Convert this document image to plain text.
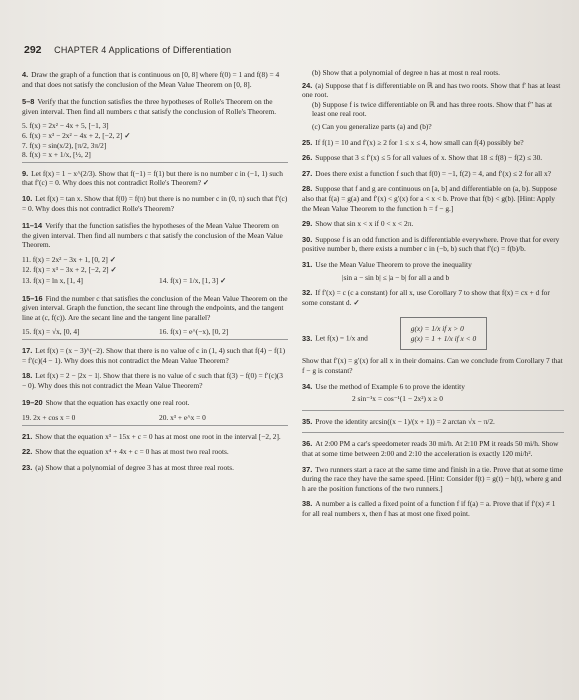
292 CHAPTER 4 Applications of Differentiation

4. Draw the graph of a function that is continuous on [0, 8] where f(0) = 1 and f(8) = 4 and that does not satisfy the conclusion of the Mean Value Theorem on [0, 8].

5–8 Verify that the function satisfies the three hypotheses of Rolle's Theorem on the given interval. Then find all numbers c that satisfy the conclusion of Rolle's Theorem.

5. f(x) = 2x² − 4x + 5, [−1, 3]
6. f(x) = x³ − 2x² − 4x + 2, [−2, 2] ✓
7. f(x) = sin(x/2), [π/2, 3π/2]
8. f(x) = x + 1/x, [½, 2]

9. Let f(x) = 1 − x^(2/3). Show that f(−1) = f(1) but there is no number c in (−1, 1) such that f′(c) = 0. Why does this not contradict Rolle's Theorem? ✓

10. Let f(x) = tan x. Show that f(0) = f(π) but there is no number c in (0, π) such that f′(c) = 0. Why does this not contradict Rolle's Theorem?

11–14 Verify that the function satisfies the hypotheses of the Mean Value Theorem on the given interval. Then find all numbers c that satisfy the conclusion of the Mean Value Theorem.

11. f(x) = 2x² − 3x + 1, [0, 2] ✓
12. f(x) = x³ − 3x + 2, [−2, 2] ✓
13. f(x) = ln x, [1, 4]	14. f(x) = 1/x, [1, 3] ✓

15–16 Find the number c that satisfies the conclusion of the Mean Value Theorem on the given interval. Graph the function, the secant line through the endpoints, and the tangent line at (c, f(c)). Are the secant line and the tangent line parallel?

15. f(x) = √x, [0, 4]	16. f(x) = e^(−x), [0, 2]

17. Let f(x) = (x − 3)^(−2). Show that there is no value of c in (1, 4) such that f(4) − f(1) = f′(c)(4 − 1). Why does this not contradict the Mean Value Theorem?

18. Let f(x) = 2 − |2x − 1|. Show that there is no value of c such that f(3) − f(0) = f′(c)(3 − 0). Why does this not contradict the Mean Value Theorem?

19–20 Show that the equation has exactly one real root.

19. 2x + cos x = 0	20. x³ + e^x = 0

21. Show that the equation x³ − 15x + c = 0 has at most one root in the interval [−2, 2].

22. Show that the equation x⁴ + 4x + c = 0 has at most two real roots.

23. (a) Show that a polynomial of degree 3 has at most three real roots.

(b) Show that a polynomial of degree n has at most n real roots.

24. (a) Suppose that f is differentiable on ℝ and has two roots. Show that f′ has at least one root.
(b) Suppose f is twice differentiable on ℝ and has three roots. Show that f″ has at least one real root.
(c) Can you generalize parts (a) and (b)?

25. If f(1) = 10 and f′(x) ≥ 2 for 1 ≤ x ≤ 4, how small can f(4) possibly be?

26. Suppose that 3 ≤ f′(x) ≤ 5 for all values of x. Show that 18 ≤ f(8) − f(2) ≤ 30.

27. Does there exist a function f such that f(0) = −1, f(2) = 4, and f′(x) ≤ 2 for all x?

28. Suppose that f and g are continuous on [a, b] and differentiable on (a, b). Suppose also that f(a) = g(a) and f′(x) < g′(x) for a < x < b. Prove that f(b) < g(b). [Hint: Apply the Mean Value Theorem to the function h = f − g.]

29. Show that sin x < x if 0 < x < 2π.

30. Suppose f is an odd function and is differentiable everywhere. Prove that for every positive number b, there exists a number c in (−b, b) such that f′(c) = f(b)/b.

31. Use the Mean Value Theorem to prove the inequality
|sin a − sin b| ≤ |a − b| for all a and b
32. If f′(x) = c (c a constant) for all x, use Corollary 7 to show that f(x) = cx + d for some constant d. ✓
33. Let f(x) = 1/x and
g(x) = 1/x if x > 0
g(x) = 1 + 1/x if x < 0
Show that f′(x) = g′(x) for all x in their domains. Can we conclude from Corollary 7 that f − g is constant?
34. Use the method of Example 6 to prove the identity
2 sin⁻¹x = cos⁻¹(1 − 2x²) x ≥ 0

35. Prove the identity arcsin((x − 1)/(x + 1)) = 2 arctan √x − π/2.

36. At 2:00 PM a car's speedometer reads 30 mi/h. At 2:10 PM it reads 50 mi/h. Show that at some time between 2:00 and 2:10 the acceleration is exactly 120 mi/h².

37. Two runners start a race at the same time and finish in a tie. Prove that at some time during the race they have the same speed. [Hint: Consider f(t) = g(t) − h(t), where g and h are the position functions of the two runners.]

38. A number a is called a fixed point of a function f if f(a) = a. Prove that if f′(x) ≠ 1 for all real numbers x, then f has at most one fixed point.
